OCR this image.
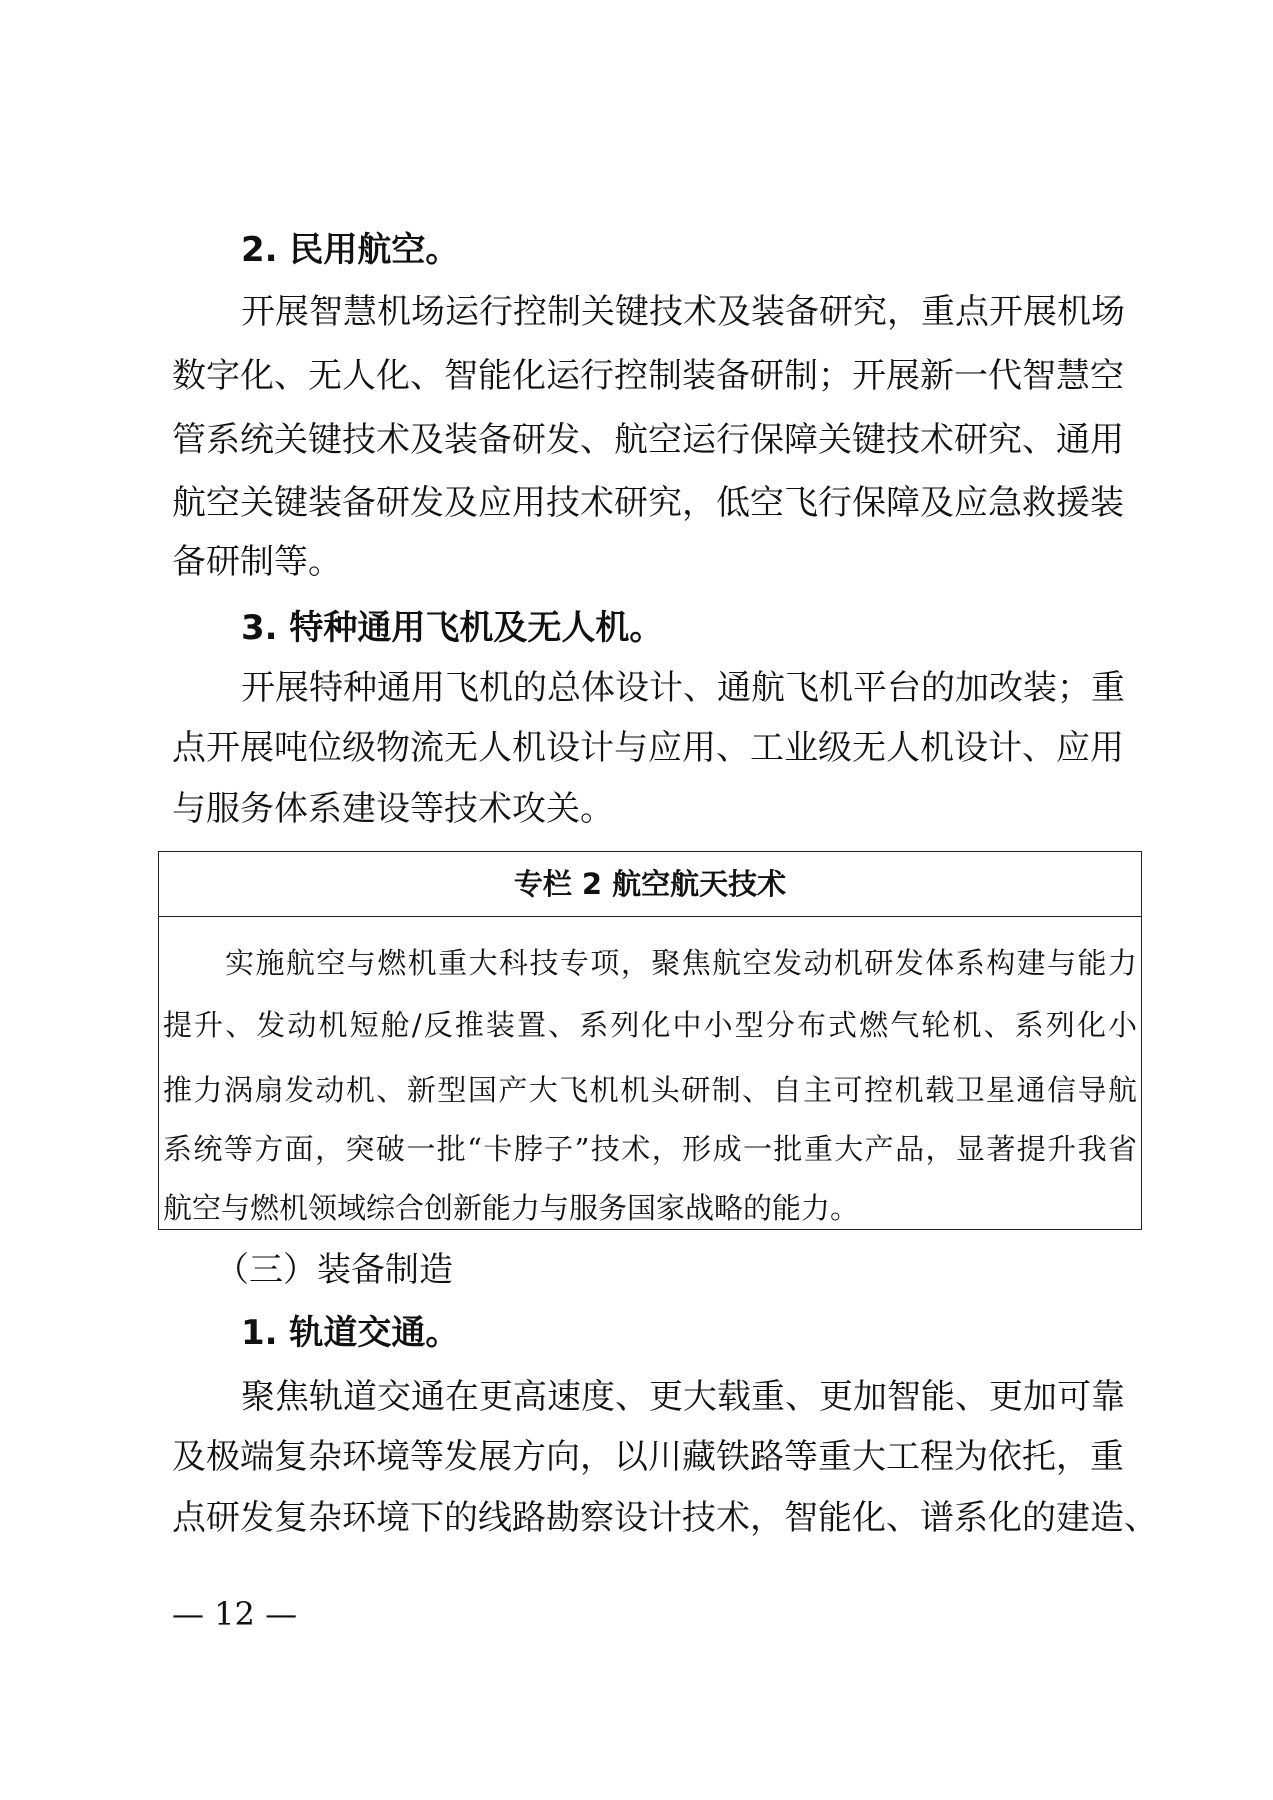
2. 民用航空。
开展智慧机场运行控制关键技术及装备研究，重点开展机场
数字化、无人化、智能化运行控制装备研制；开展新一代智慧空
管系统关键技术及装备研发、航空运行保障关键技术研究、通用
航空关键装备研发及应用技术研究，低空飞行保障及应急救援装
备研制等。
3. 特种通用飞机及无人机。
开展特种通用飞机的总体设计、通航飞机平台的加改装；重
点开展吨位级物流无人机设计与应用、工业级无人机设计、应用
与服务体系建设等技术攻关。
专栏 2 航空航天技术
实施航空与燃机重大科技专项，聚焦航空发动机研发体系构建与能力
提升、发动机短舱/反推装置、系列化中小型分布式燃气轮机、系列化小
推力涡扇发动机、新型国产大飞机机头研制、自主可控机载卫星通信导航
系统等方面，突破一批“卡脖子”技术，形成一批重大产品，显著提升我省
航空与燃机领域综合创新能力与服务国家战略的能力。
（三）装备制造
1. 轨道交通。
聚焦轨道交通在更高速度、更大载重、更加智能、更加可靠
及极端复杂环境等发展方向，以川藏铁路等重大工程为依托，重
点研发复杂环境下的线路勘察设计技术，智能化、谱系化的建造、
— 12 —
